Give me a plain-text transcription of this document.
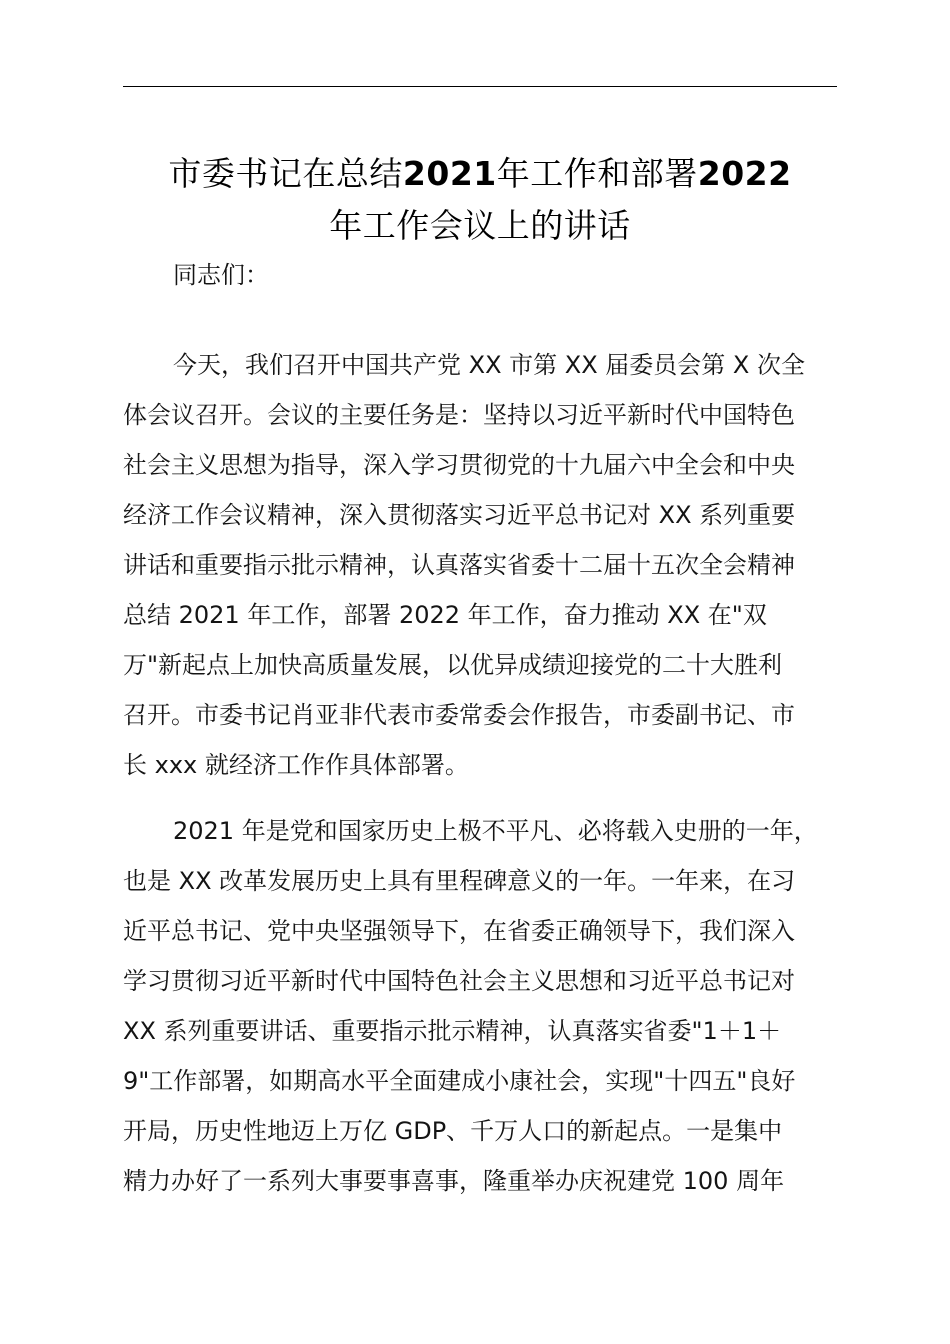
市委书记在总结2021年工作和部署2022
年工作会议上的讲话
同志们：
今天，我们召开中国共产党 XX 市第 XX 届委员会第 X 次全
体会议召开。会议的主要任务是：坚持以习近平新时代中国特色
社会主义思想为指导，深入学习贯彻党的十九届六中全会和中央
经济工作会议精神，深入贯彻落实习近平总书记对 XX 系列重要
讲话和重要指示批示精神，认真落实省委十二届十五次全会精神
总结 2021 年工作，部署 2022 年工作，奋力推动 XX 在"双
万"新起点上加快高质量发展，以优异成绩迎接党的二十大胜利
召开。市委书记肖亚非代表市委常委会作报告，市委副书记、市
长 xxx 就经济工作作具体部署。
2021 年是党和国家历史上极不平凡、必将载入史册的一年，
也是 XX 改革发展历史上具有里程碑意义的一年。一年来，在习
近平总书记、党中央坚强领导下，在省委正确领导下，我们深入
学习贯彻习近平新时代中国特色社会主义思想和习近平总书记对
XX 系列重要讲话、重要指示批示精神，认真落实省委"1＋1＋
9"工作部署，如期高水平全面建成小康社会，实现"十四五"良好
开局，历史性地迈上万亿 GDP、千万人口的新起点。一是集中
精力办好了一系列大事要事喜事，隆重举办庆祝建党 100 周年
